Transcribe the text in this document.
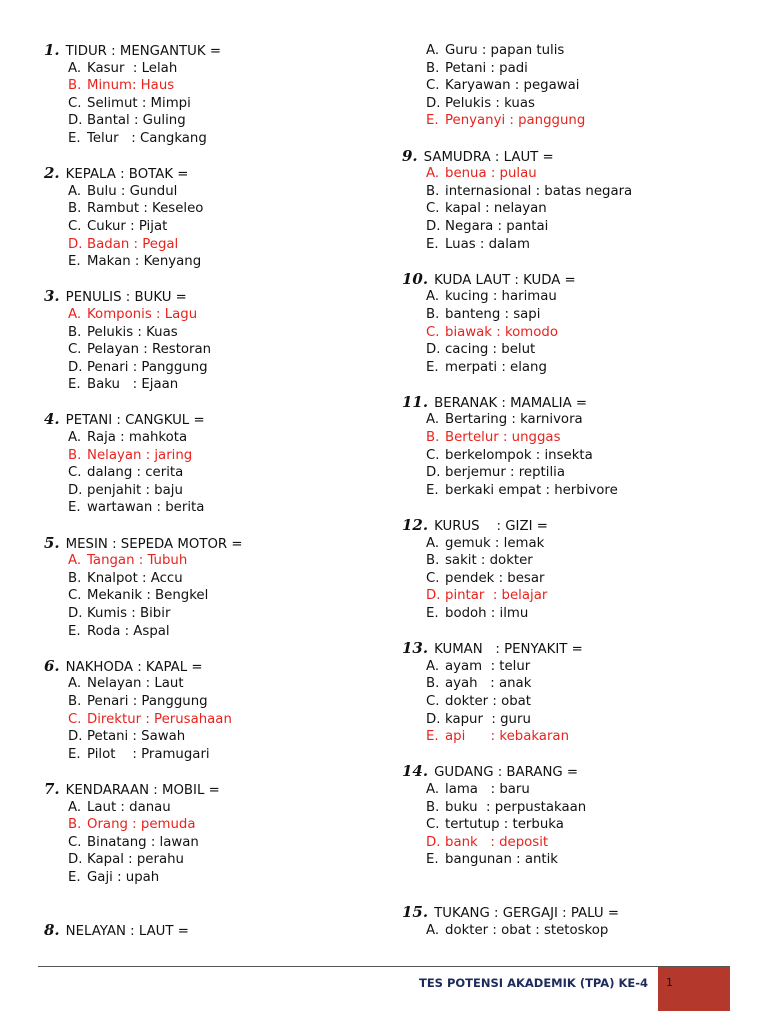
1. TIDUR : MENGANTUK =
A. Kasur  : Lelah
B. Minum: Haus
C. Selimut : Mimpi
D. Bantal : Guling
E. Telur   : Cangkang
2. KEPALA : BOTAK =
A. Bulu : Gundul
B. Rambut : Keseleo
C. Cukur : Pijat
D. Badan : Pegal
E. Makan : Kenyang
3. PENULIS : BUKU =
A. Komponis : Lagu
B. Pelukis : Kuas
C. Pelayan : Restoran
D. Penari : Panggung
E. Baku   : Ejaan
4. PETANI : CANGKUL =
A. Raja : mahkota
B. Nelayan : jaring
C. dalang : cerita
D. penjahit : baju
E. wartawan : berita
5. MESIN : SEPEDA MOTOR =
A. Tangan : Tubuh
B. Knalpot : Accu
C. Mekanik : Bengkel
D. Kumis : Bibir
E. Roda : Aspal
6. NAKHODA : KAPAL =
A. Nelayan : Laut
B. Penari : Panggung
C. Direktur : Perusahaan
D. Petani : Sawah
E. Pilot    : Pramugari
7. KENDARAAN : MOBIL =
A. Laut : danau
B. Orang : pemuda
C. Binatang : lawan
D. Kapal : perahu
E. Gaji : upah
8. NELAYAN : LAUT =
A. Guru : papan tulis
B. Petani : padi
C. Karyawan : pegawai
D. Pelukis : kuas
E. Penyanyi : panggung
9. SAMUDRA : LAUT =
A. benua : pulau
B. internasional : batas negara
C. kapal : nelayan
D. Negara : pantai
E. Luas : dalam
10. KUDA LAUT : KUDA =
A. kucing : harimau
B. banteng : sapi
C. biawak : komodo
D. cacing : belut
E. merpati : elang
11. BERANAK : MAMALIA =
A. Bertaring : karnivora
B. Bertelur : unggas
C. berkelompok : insekta
D. berjemur : reptilia
E. berkaki empat : herbivore
12. KURUS    : GIZI =
A. gemuk : lemak
B. sakit : dokter
C. pendek : besar
D. pintar  : belajar
E. bodoh : ilmu
13. KUMAN   : PENYAKIT =
A. ayam  : telur
B. ayah   : anak
C. dokter : obat
D. kapur  : guru
E. api      : kebakaran
14. GUDANG : BARANG =
A. lama   : baru
B. buku  : perpustakaan
C. tertutup : terbuka
D. bank   : deposit
E. bangunan : antik
15. TUKANG : GERGAJI : PALU =
A. dokter : obat : stetoskop
TES POTENSI AKADEMIK (TPA) KE-4 1
